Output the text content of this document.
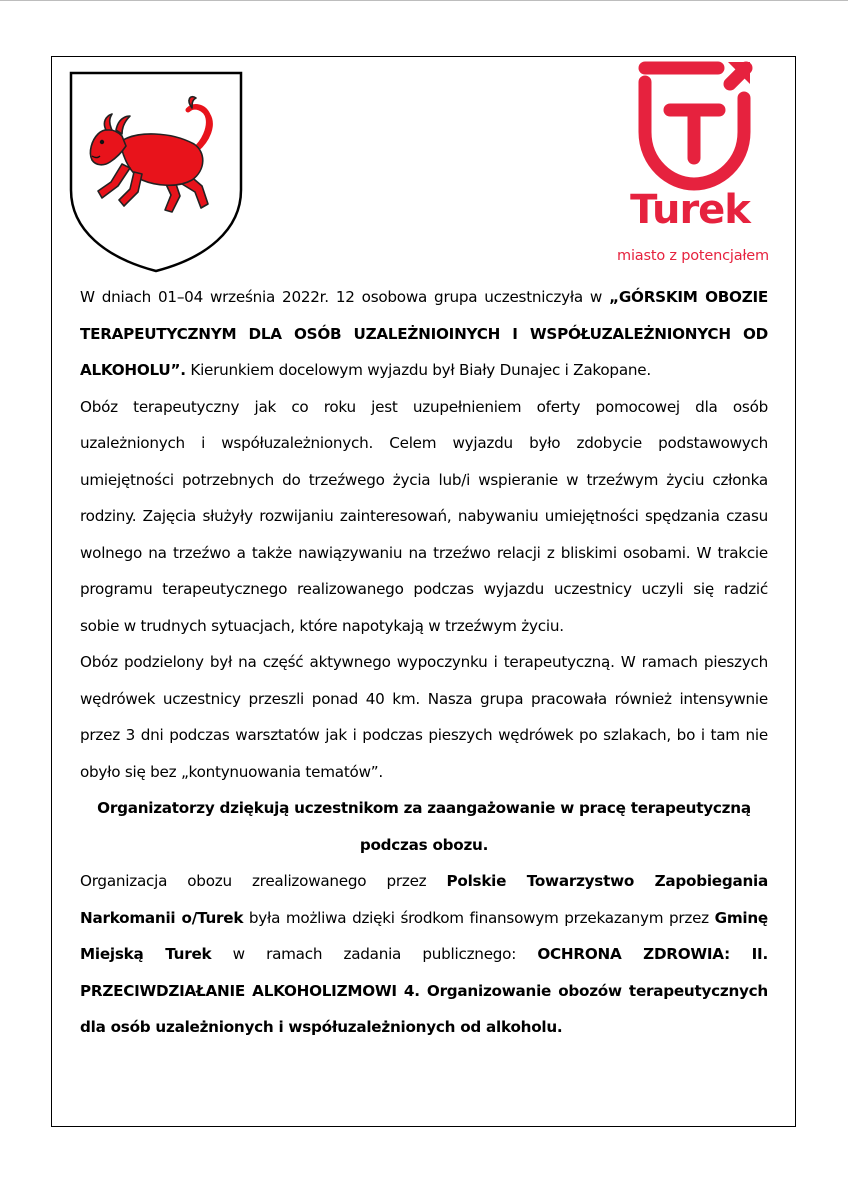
Turek
miasto z potencjałem

W dniach 01–04 września 2022r. 12 osobowa grupa uczestniczyła w „GÓRSKIM OBOZIE TERAPEUTYCZNYM DLA OSÓB UZALEŻNIOINYCH I WSPÓŁUZALEŻNIONYCH OD ALKOHOLU”. Kierunkiem docelowym wyjazdu był Biały Dunajec i Zakopane.

Obóz terapeutyczny jak co roku jest uzupełnieniem oferty pomocowej dla osób uzależnionych i współuzależnionych. Celem wyjazdu było zdobycie podstawowych umiejętności potrzebnych do trzeźwego życia lub/i wspieranie w trzeźwym życiu członka rodziny. Zajęcia służyły rozwijaniu zainteresowań, nabywaniu umiejętności spędzania czasu wolnego na trzeźwo a także nawiązywaniu na trzeźwo relacji z bliskimi osobami. W trakcie programu terapeutycznego realizowanego podczas wyjazdu uczestnicy uczyli się radzić sobie w trudnych sytuacjach, które napotykają w trzeźwym życiu.

Obóz podzielony był na część aktywnego wypoczynku i terapeutyczną. W ramach pieszych wędrówek uczestnicy przeszli ponad 40 km. Nasza grupa pracowała również intensywnie przez 3 dni podczas warsztatów jak i podczas pieszych wędrówek po szlakach, bo i tam nie obyło się bez „kontynuowania tematów”.

Organizatorzy dziękują uczestnikom za zaangażowanie w pracę terapeutyczną podczas obozu.

Organizacja obozu zrealizowanego przez Polskie Towarzystwo Zapobiegania Narkomanii o/Turek była możliwa dzięki środkom finansowym przekazanym przez Gminę Miejską Turek w ramach zadania publicznego: OCHRONA ZDROWIA: II. PRZECIWDZIAŁANIE ALKOHOLIZMOWI 4. Organizowanie obozów terapeutycznych dla osób uzależnionych i współuzależnionych od alkoholu.
